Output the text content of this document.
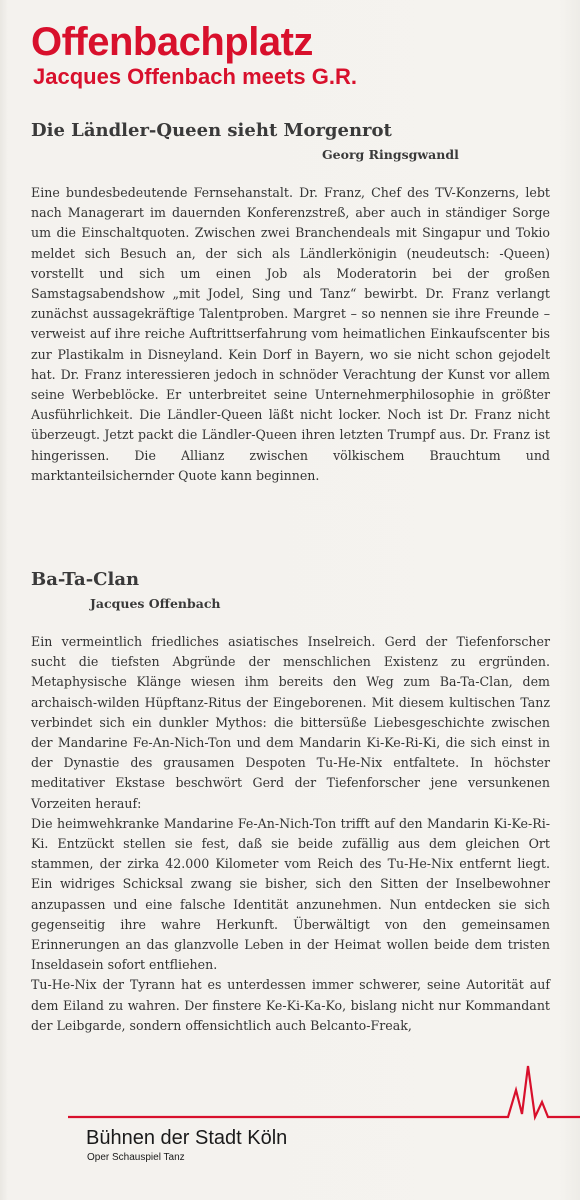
Offenbachplatz
Jacques Offenbach meets G.R.
Die Ländler-Queen sieht Morgenrot
Georg Ringsgwandl

Eine bundesbedeutende Fernsehanstalt. Dr. Franz, Chef des TV-Konzerns, lebt nach Managerart im dauernden Konferenzstreß, aber auch in ständiger Sorge um die Einschaltquoten. Zwischen zwei Branchendeals mit Singapur und Tokio meldet sich Besuch an, der sich als Ländlerkönigin (neudeutsch: -Queen) vorstellt und sich um einen Job als Moderatorin bei der großen Samstagsabendshow „mit Jodel, Sing und Tanz“ bewirbt. Dr. Franz verlangt zunächst aussagekräftige Talentproben. Margret – so nennen sie ihre Freunde – verweist auf ihre reiche Auftrittserfahrung vom heimatlichen Einkaufscenter bis zur Plastikalm in Disneyland. Kein Dorf in Bayern, wo sie nicht schon gejodelt hat. Dr. Franz interessieren jedoch in schnöder Verachtung der Kunst vor allem seine Werbeblöcke. Er unterbreitet seine Unternehmerphilosophie in größter Ausführlichkeit. Die Ländler-Queen läßt nicht locker. Noch ist Dr. Franz nicht überzeugt. Jetzt packt die Ländler-Queen ihren letzten Trumpf aus. Dr. Franz ist hingerissen. Die Allianz zwischen völkischem Brauchtum und marktanteilsichernder Quote kann beginnen.

Ba-Ta-Clan
Jacques Offenbach

Ein vermeintlich friedliches asiatisches Inselreich. Gerd der Tiefenforscher sucht die tiefsten Abgründe der menschlichen Existenz zu ergründen. Metaphysische Klänge wiesen ihm bereits den Weg zum Ba-Ta-Clan, dem archaisch-wilden Hüpftanz-Ritus der Eingeborenen. Mit diesem kultischen Tanz verbindet sich ein dunkler Mythos: die bittersüße Liebesgeschichte zwischen der Mandarine Fe-An-Nich-Ton und dem Mandarin Ki-Ke-Ri-Ki, die sich einst in der Dynastie des grausamen Despoten Tu-He-Nix entfaltete. In höchster meditativer Ekstase beschwört Gerd der Tiefenforscher jene versunkenen Vorzeiten herauf:

Die heimwehkranke Mandarine Fe-An-Nich-Ton trifft auf den Mandarin Ki-Ke-Ri-Ki. Entzückt stellen sie fest, daß sie beide zufällig aus dem gleichen Ort stammen, der zirka 42.000 Kilometer vom Reich des Tu-He-Nix entfernt liegt. Ein widriges Schicksal zwang sie bisher, sich den Sitten der Inselbewohner anzupassen und eine falsche Identität anzunehmen. Nun entdecken sie sich gegenseitig ihre wahre Herkunft. Überwältigt von den gemeinsamen Erinnerungen an das glanzvolle Leben in der Heimat wollen beide dem tristen Inseldasein sofort entfliehen.

Tu-He-Nix der Tyrann hat es unterdessen immer schwerer, seine Autorität auf dem Eiland zu wahren. Der finstere Ke-Ki-Ka-Ko, bislang nicht nur Kommandant der Leibgarde, sondern offensichtlich auch Belcanto-Freak,

Bühnen der Stadt Köln
Oper Schauspiel Tanz
